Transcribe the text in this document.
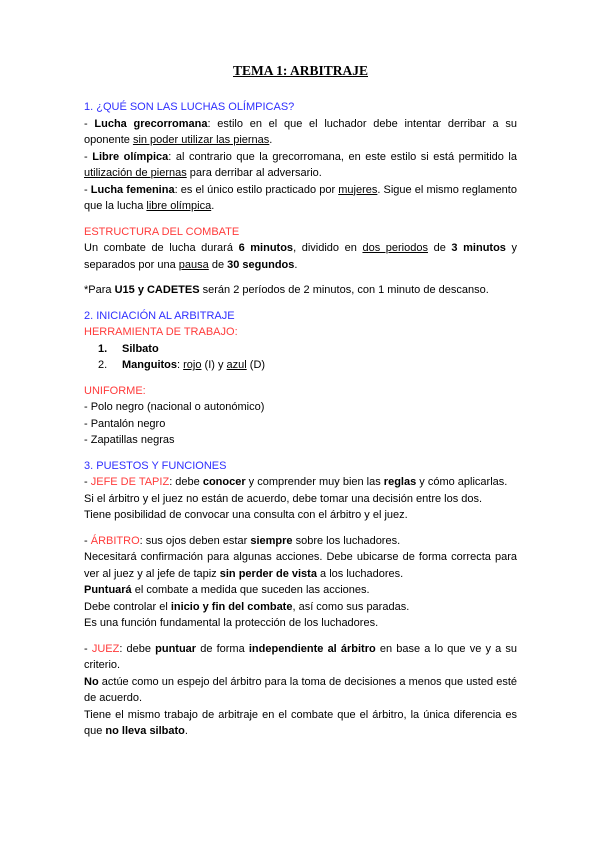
TEMA 1: ARBITRAJE
1. ¿QUÉ SON LAS LUCHAS OLÍMPICAS?
- Lucha grecorromana: estilo en el que el luchador debe intentar derribar a su oponente sin poder utilizar las piernas.
- Libre olímpica: al contrario que la grecorromana, en este estilo si está permitido la utilización de piernas para derribar al adversario.
- Lucha femenina: es el único estilo practicado por mujeres. Sigue el mismo reglamento que la lucha libre olímpica.
ESTRUCTURA DEL COMBATE
Un combate de lucha durará 6 minutos, dividido en dos periodos de 3 minutos y separados por una pausa de 30 segundos.
*Para U15 y CADETES serán 2 períodos de 2 minutos, con 1 minuto de descanso.
2. INICIACIÓN AL ARBITRAJE
HERRAMIENTA DE TRABAJO:
1. Silbato
2. Manguitos: rojo (I) y azul (D)
UNIFORME:
- Polo negro (nacional o autonómico)
- Pantalón negro
- Zapatillas negras
3. PUESTOS Y FUNCIONES
- JEFE DE TAPIZ: debe conocer y comprender muy bien las reglas y cómo aplicarlas.
Si el árbitro y el juez no están de acuerdo, debe tomar una decisión entre los dos.
Tiene posibilidad de convocar una consulta con el árbitro y el juez.
- ÁRBITRO: sus ojos deben estar siempre sobre los luchadores.
Necesitará confirmación para algunas acciones. Debe ubicarse de forma correcta para ver al juez y al jefe de tapiz sin perder de vista a los luchadores.
Puntuará el combate a medida que suceden las acciones.
Debe controlar el inicio y fin del combate, así como sus paradas.
Es una función fundamental la protección de los luchadores.
- JUEZ: debe puntuar de forma independiente al árbitro en base a lo que ve y a su criterio.
No actúe como un espejo del árbitro para la toma de decisiones a menos que usted esté de acuerdo.
Tiene el mismo trabajo de arbitraje en el combate que el árbitro, la única diferencia es que no lleva silbato.
